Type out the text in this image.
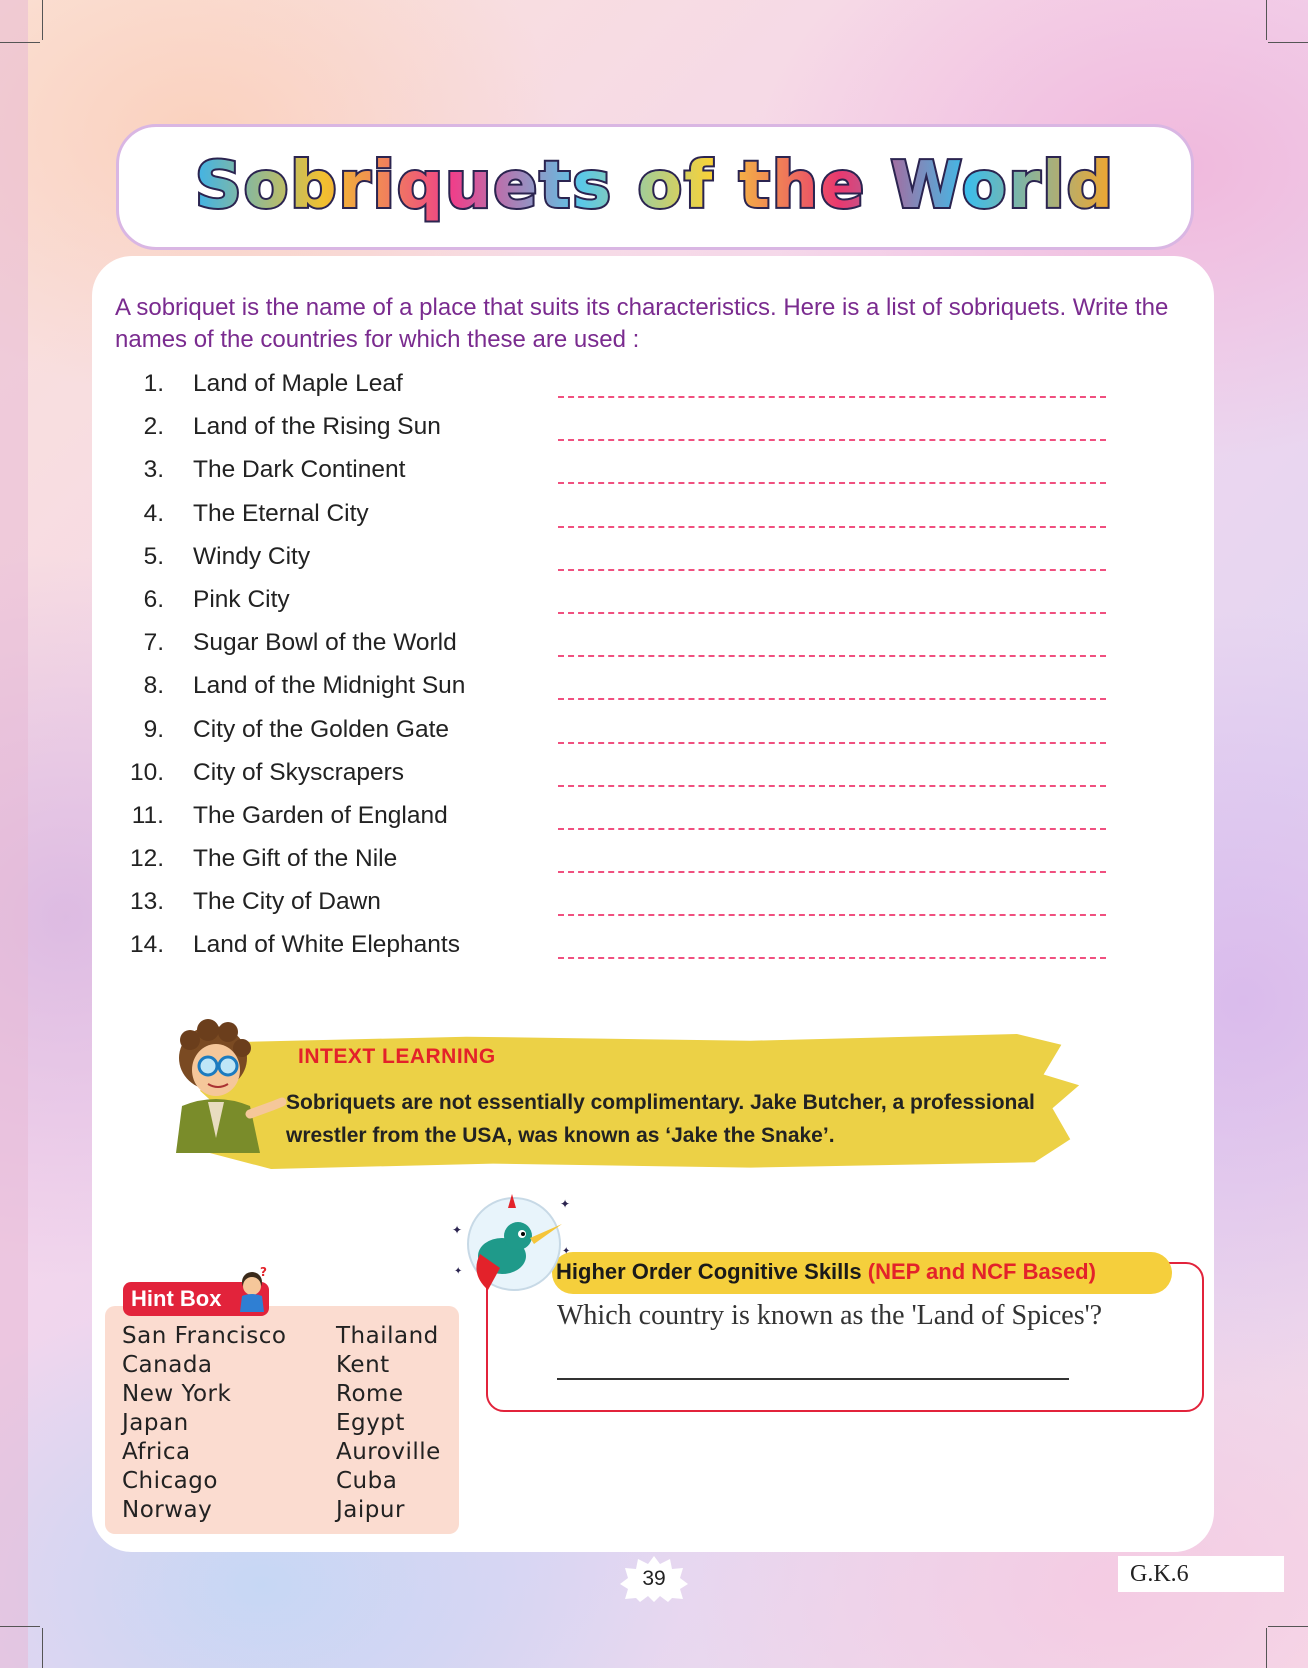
Sobriquets of the World
A sobriquet is the name of a place that suits its characteristics. Here is a list of sobriquets. Write the names of the countries for which these are used :
1. Land of Maple Leaf
2. Land of the Rising Sun
3. The Dark Continent
4. The Eternal City
5. Windy City
6. Pink City
7. Sugar Bowl of the World
8. Land of the Midnight Sun
9. City of the Golden Gate
10. City of Skyscrapers
11. The Garden of England
12. The Gift of the Nile
13. The City of Dawn
14. Land of White Elephants
INTEXT LEARNING
Sobriquets are not essentially complimentary. Jake Butcher, a professional wrestler from the USA, was known as ‘Jake the Snake’.
Hint Box
?
San Francisco
Canada
New York
Japan
Africa
Chicago
Norway
Thailand
Kent
Rome
Egypt
Auroville
Cuba
Jaipur
✦
✦
✦
✦	Higher Order Cognitive Skills (NEP and NCF Based)
Which country is known as the 'Land of Spices'?
39	G.K.6
